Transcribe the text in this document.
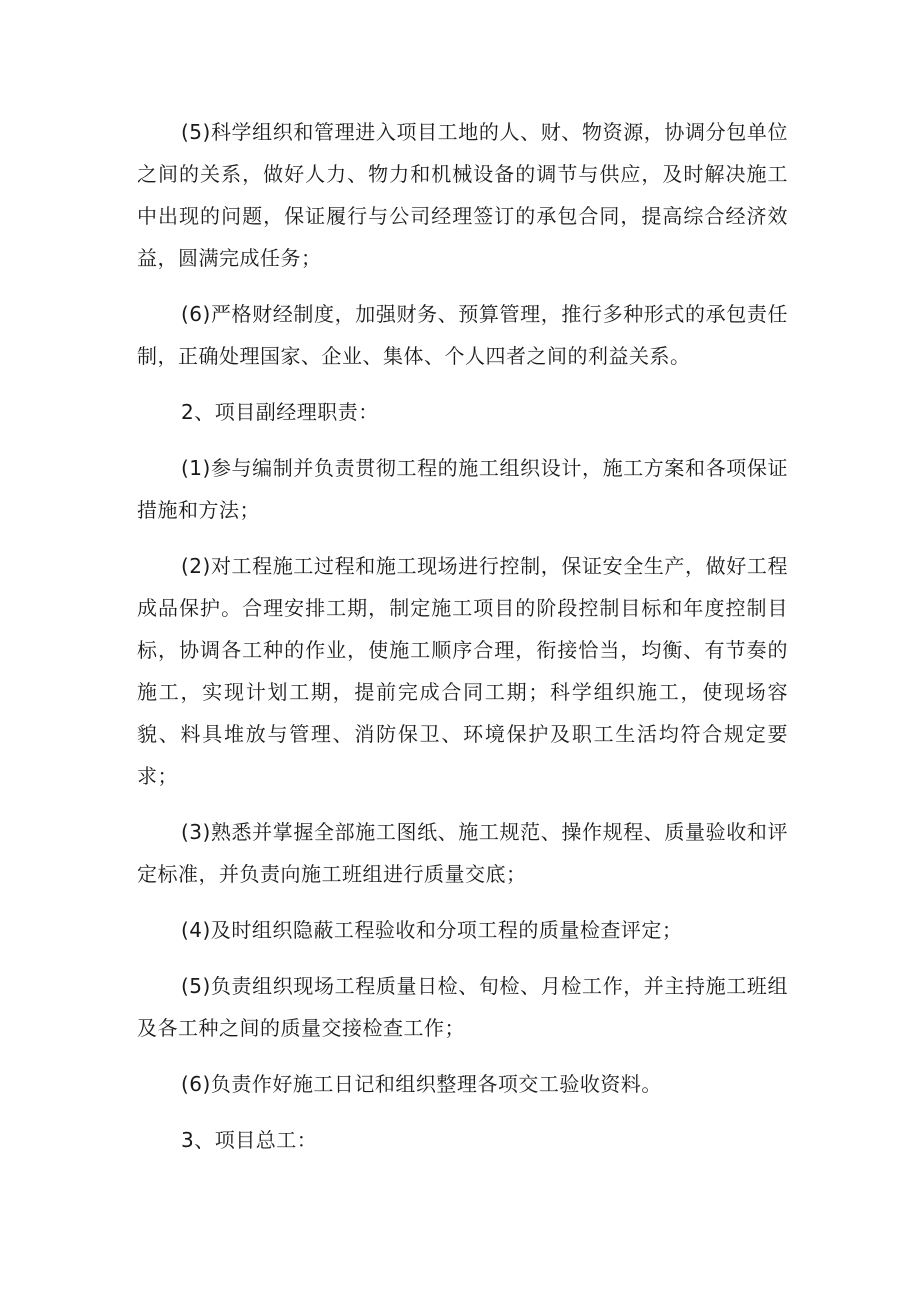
(5)科学组织和管理进入项目工地的人、财、物资源，协调分包单位之间的关系，做好人力、物力和机械设备的调节与供应，及时解决施工中出现的问题，保证履行与公司经理签订的承包合同，提高综合经济效益，圆满完成任务；

(6)严格财经制度，加强财务、预算管理，推行多种形式的承包责任制，正确处理国家、企业、集体、个人四者之间的利益关系。

2、项目副经理职责：

(1)参与编制并负责贯彻工程的施工组织设计，施工方案和各项保证措施和方法；

(2)对工程施工过程和施工现场进行控制，保证安全生产，做好工程成品保护。合理安排工期，制定施工项目的阶段控制目标和年度控制目标，协调各工种的作业，使施工顺序合理，衔接恰当，均衡、有节奏的施工，实现计划工期，提前完成合同工期；科学组织施工，使现场容貌、料具堆放与管理、消防保卫、环境保护及职工生活均符合规定要求；

(3)熟悉并掌握全部施工图纸、施工规范、操作规程、质量验收和评定标准，并负责向施工班组进行质量交底；

(4)及时组织隐蔽工程验收和分项工程的质量检查评定；

(5)负责组织现场工程质量日检、旬检、月检工作，并主持施工班组及各工种之间的质量交接检查工作；

(6)负责作好施工日记和组织整理各项交工验收资料。

3、项目总工：
